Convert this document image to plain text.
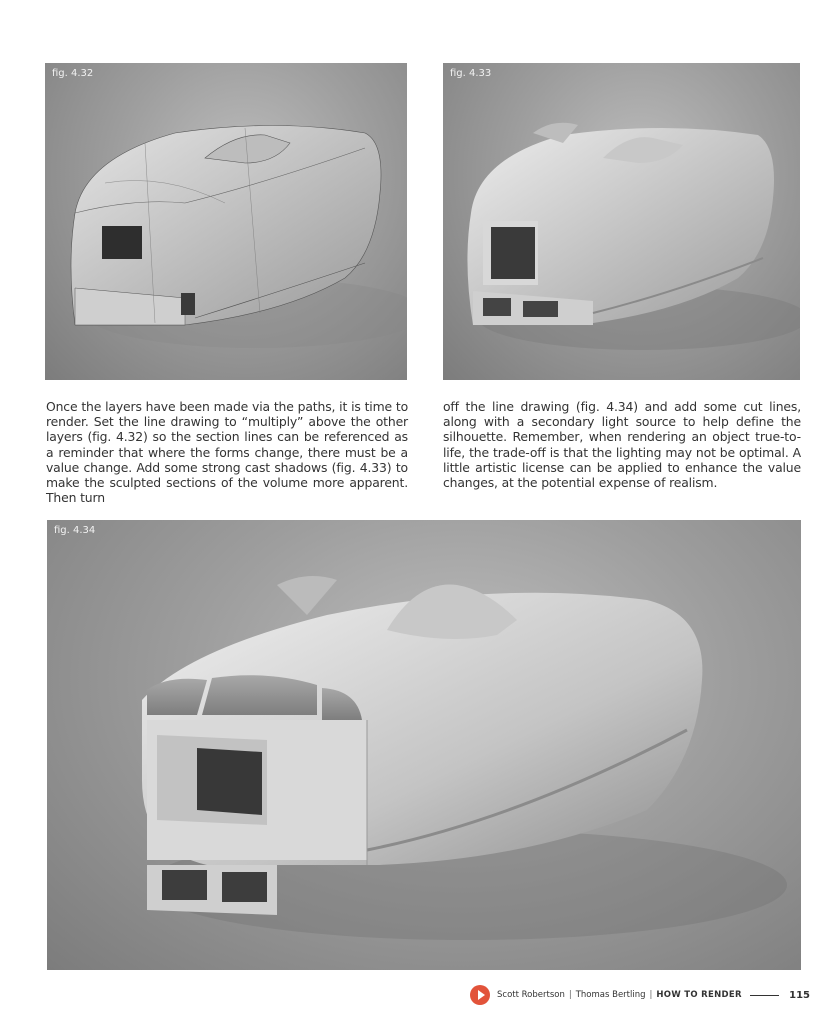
fig. 4.32	fig. 4.33
Once the layers have been made via the paths, it is time to render. Set the line drawing to “multiply” above the other layers (fig. 4.32) so the section lines can be referenced as a reminder that where the forms change, there must be a value change. Add some strong cast shadows (fig. 4.33) to make the sculpted sections of the volume more apparent. Then turn
off the line drawing (fig. 4.34) and add some cut lines, along with a secondary light source to help define the silhouette. Remember, when rendering an object true-to-life, the trade-off is that the lighting may not be optimal. A little artistic license can be applied to enhance the value changes, at the potential expense of realism.
fig. 4.34
Scott Robertson | Thomas Bertling | HOW TO RENDER	115
